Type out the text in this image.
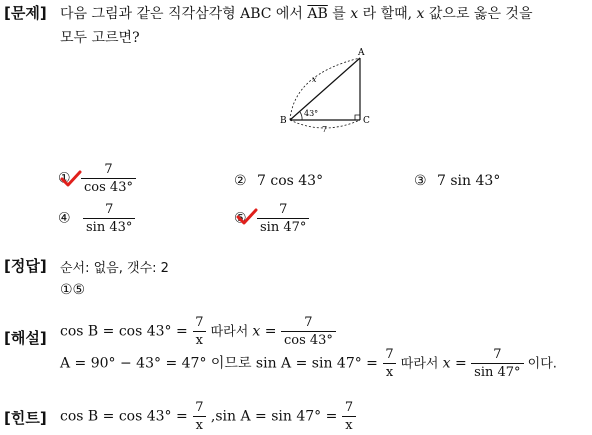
[문제] 다음 그림과 같은 직각삼각형 ABC 에서 $\overline{AB}$ 를 x 라 할때, x 값으로 옳은 것을
모두 고르면?
A
B	C
43°
x
7
① $\frac{7}{\cos 43^\circ}$	② 7 cos 43°	③ 7 sin 43°
④ $\frac{7}{\sin 43^\circ}$	⑤ $\frac{7}{\sin 47^\circ}$
[정답] 순서: 없음, 갯수: 2
①⑤
[해설] $\cos B = \cos 43^\circ = \frac{7}{x}$ 따라서 $x = \frac{7}{\cos 43^\circ}$
A = 90° − 43° = 47° 이므로 $\sin A = \sin 47^\circ = \frac{7}{x}$ 따라서 $x = \frac{7}{\sin 47^\circ}$ 이다.
[힌트] $\cos B = \cos 43^\circ = \frac{7}{x} ,\sin$ $A = \sin 47^\circ = \frac{7}{x}$
